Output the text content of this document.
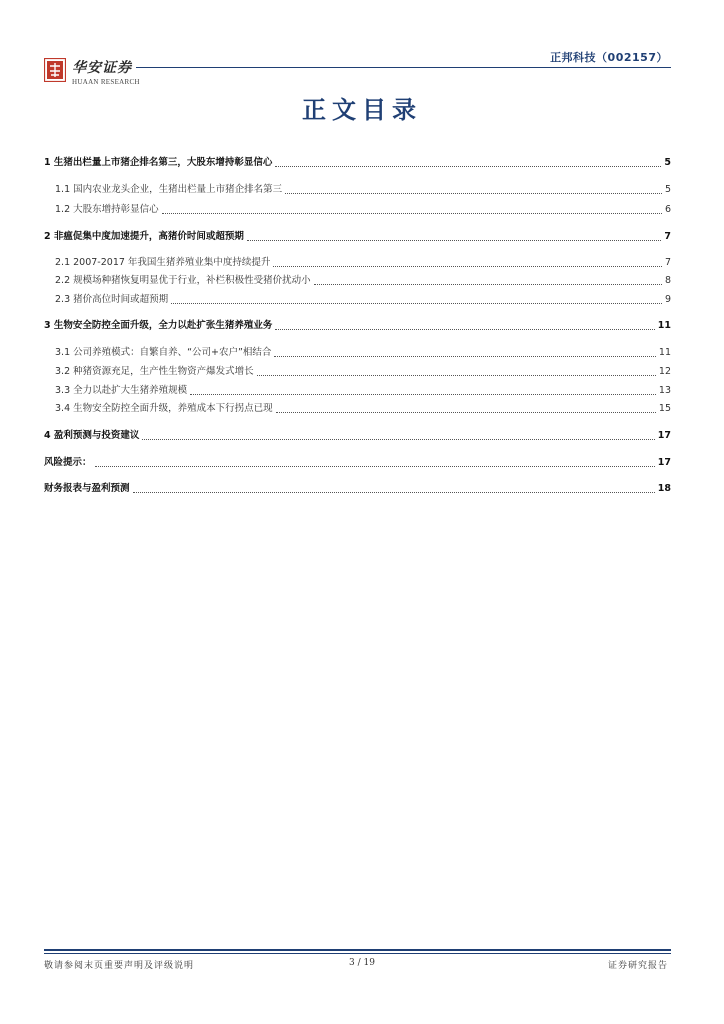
华安证券
HUAAN RESEARCH
正邦科技（002157）
正文目录
1 生猪出栏量上市猪企排名第三，大股东增持彰显信心	5
1.1 国内农业龙头企业，生猪出栏量上市猪企排名第三	5
1.2 大股东增持彰显信心	6
2 非瘟促集中度加速提升，高猪价时间或超预期	7
2.1 2007-2017 年我国生猪养殖业集中度持续提升	7
2.2 规模场种猪恢复明显优于行业，补栏积极性受猪价扰动小	8
2.3 猪价高位时间或超预期	9
3 生物安全防控全面升级，全力以赴扩张生猪养殖业务	11
3.1 公司养殖模式：自繁自养、“公司+农户”相结合	11
3.2 种猪资源充足，生产性生物资产爆发式增长	12
3.3 全力以赴扩大生猪养殖规模	13
3.4 生物安全防控全面升级，养殖成本下行拐点已现	15
4 盈利预测与投资建议	17
风险提示：	17
财务报表与盈利预测	18
敬请参阅末页重要声明及评级说明	3 / 19	证券研究报告
